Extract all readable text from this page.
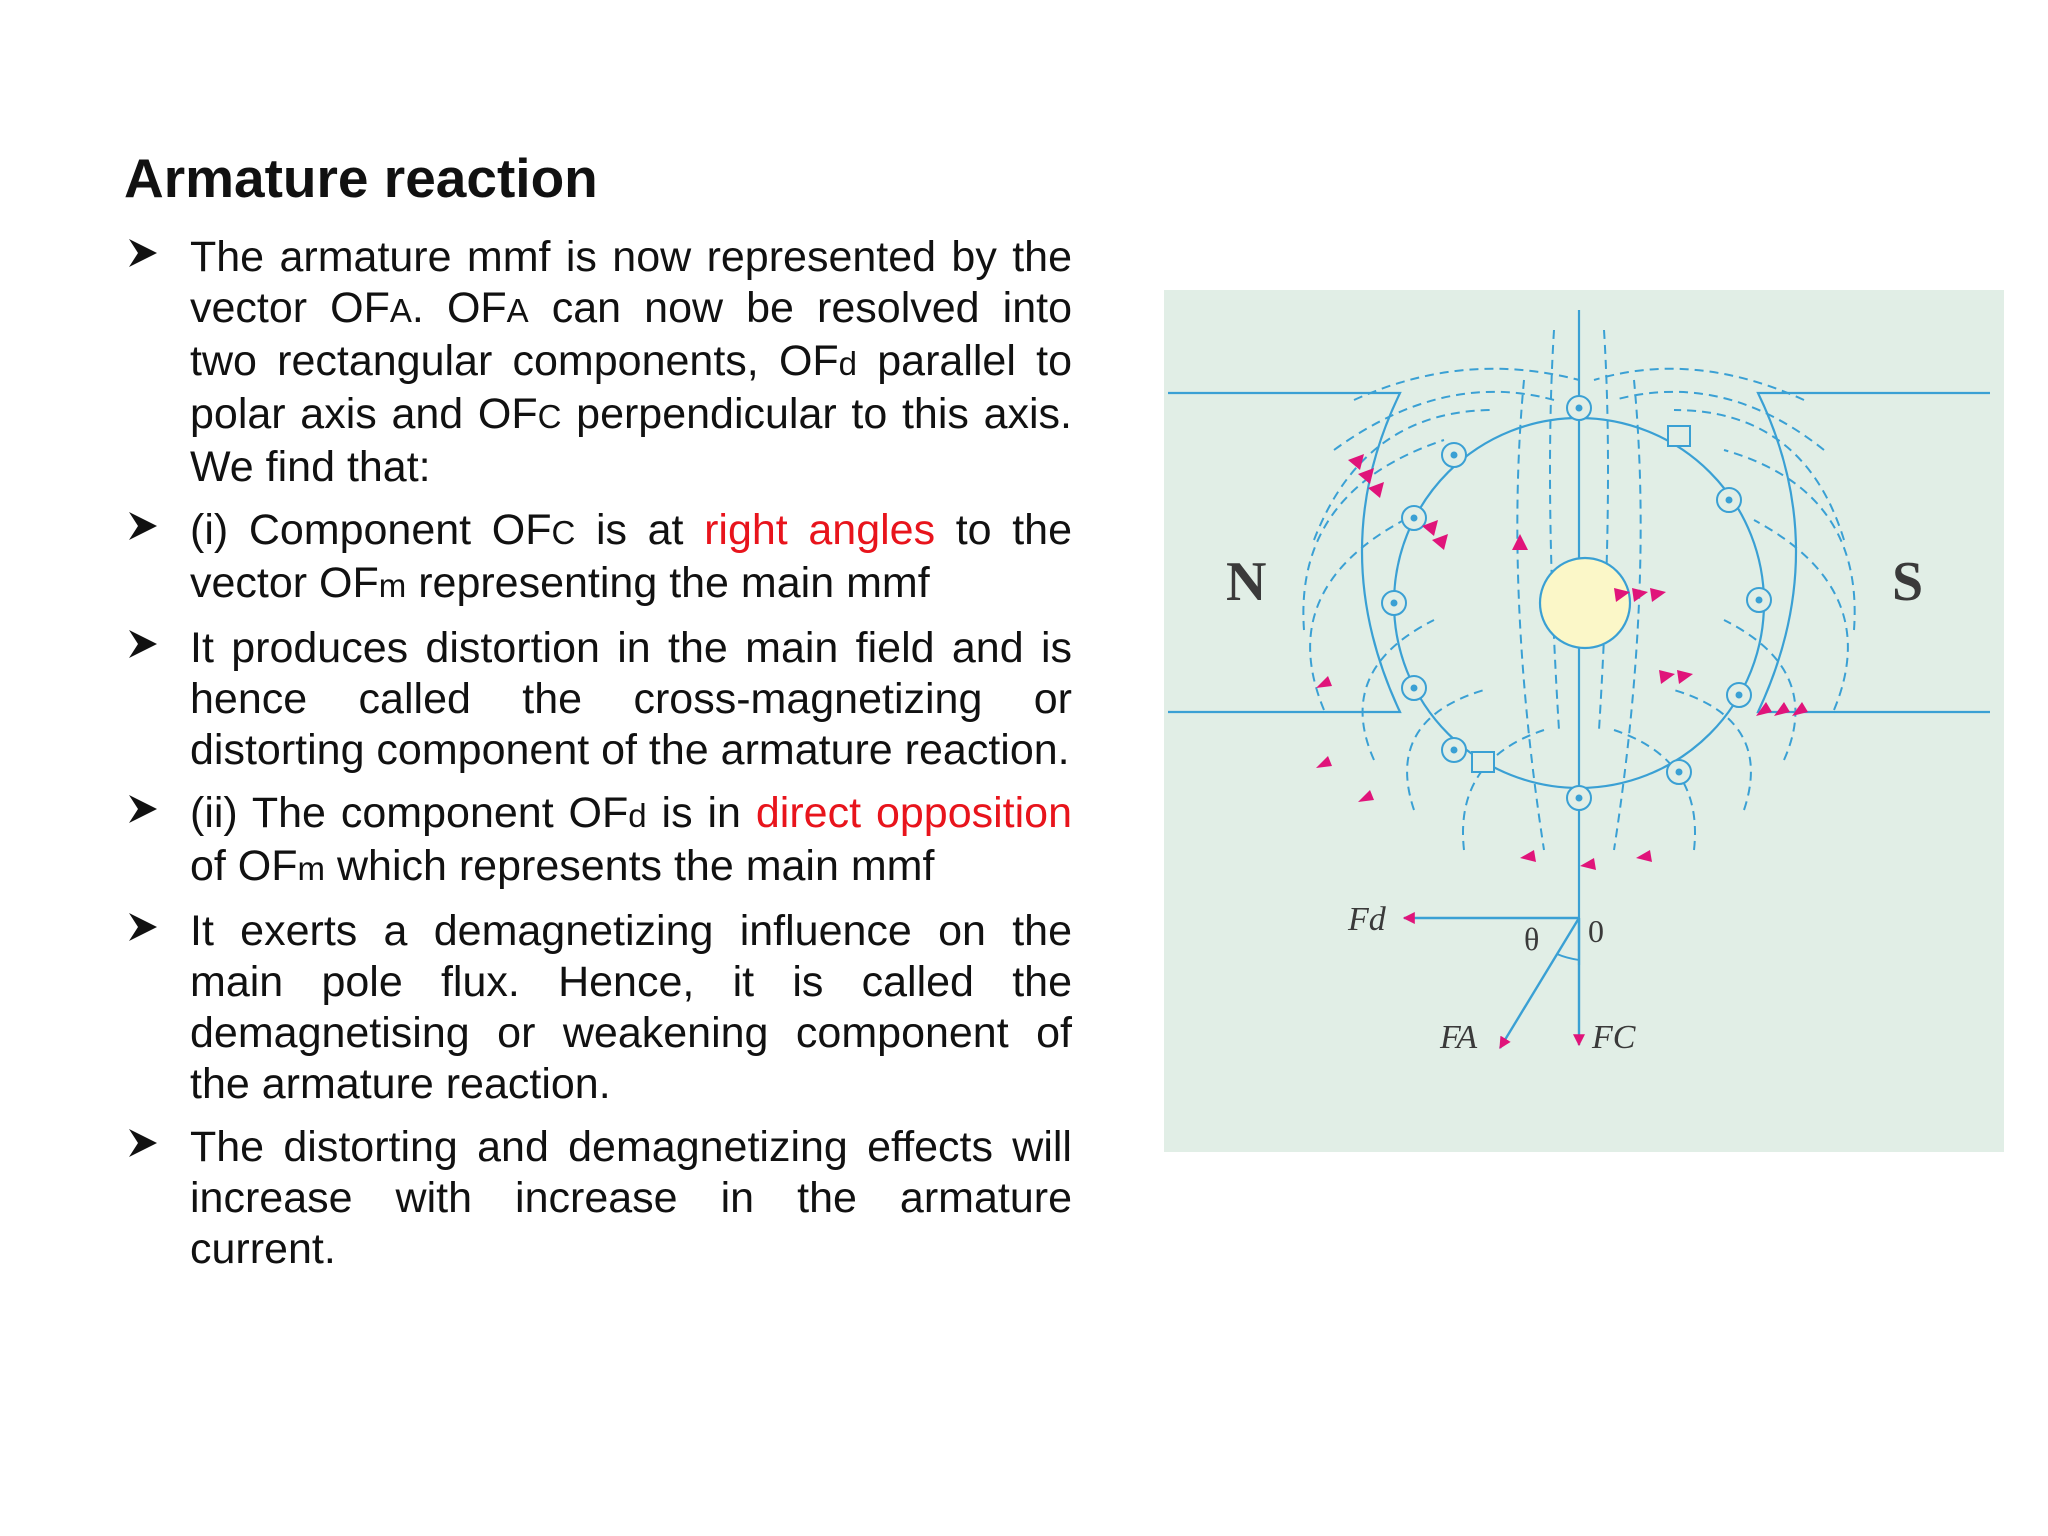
Armature reaction
The armature mmf is now represented by the vector OFA. OFA can now be resolved into two rectangular components, OFd parallel to polar axis and OFC perpendicular to this axis. We find that:
(i) Component OFC is at right angles to the vector OFm representing the main mmf
It produces distortion in the main field and is hence called the cross-magnetizing or distorting component of the armature reaction.
(ii) The component OFd is in direct opposition of OFm which represents the main mmf
It exerts a demagnetizing influence on the main pole flux. Hence, it is called the demagnetising or weakening component of the armature reaction.
The distorting and demagnetizing effects will increase with increase in the armature current.
N	S
Fd
θ 0
FA	FC
